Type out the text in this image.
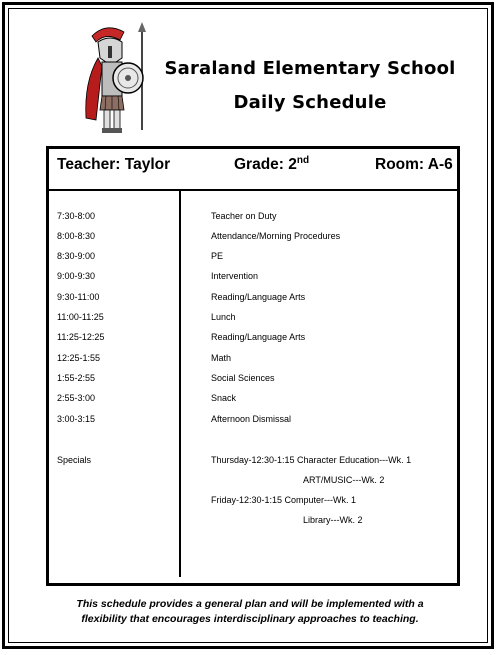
Saraland Elementary School
Daily Schedule
Teacher: Taylor	Grade: 2nd	Room: A-6
7:30-8:00	Teacher on Duty
8:00-8:30	Attendance/Morning Procedures
8:30-9:00	PE
9:00-9:30	Intervention
9:30-11:00	Reading/Language Arts
11:00-11:25	Lunch
11:25-12:25	Reading/Language Arts
12:25-1:55	Math
1:55-2:55	Social Sciences
2:55-3:00	Snack
3:00-3:15	Afternoon Dismissal
Specials	Thursday-12:30-1:15 Character Education---Wk. 1
ART/MUSIC---Wk. 2
Friday-12:30-1:15 Computer---Wk. 1
Library---Wk. 2
This schedule provides a general plan and will be implemented with a
flexibility that encourages interdisciplinary approaches to teaching.
